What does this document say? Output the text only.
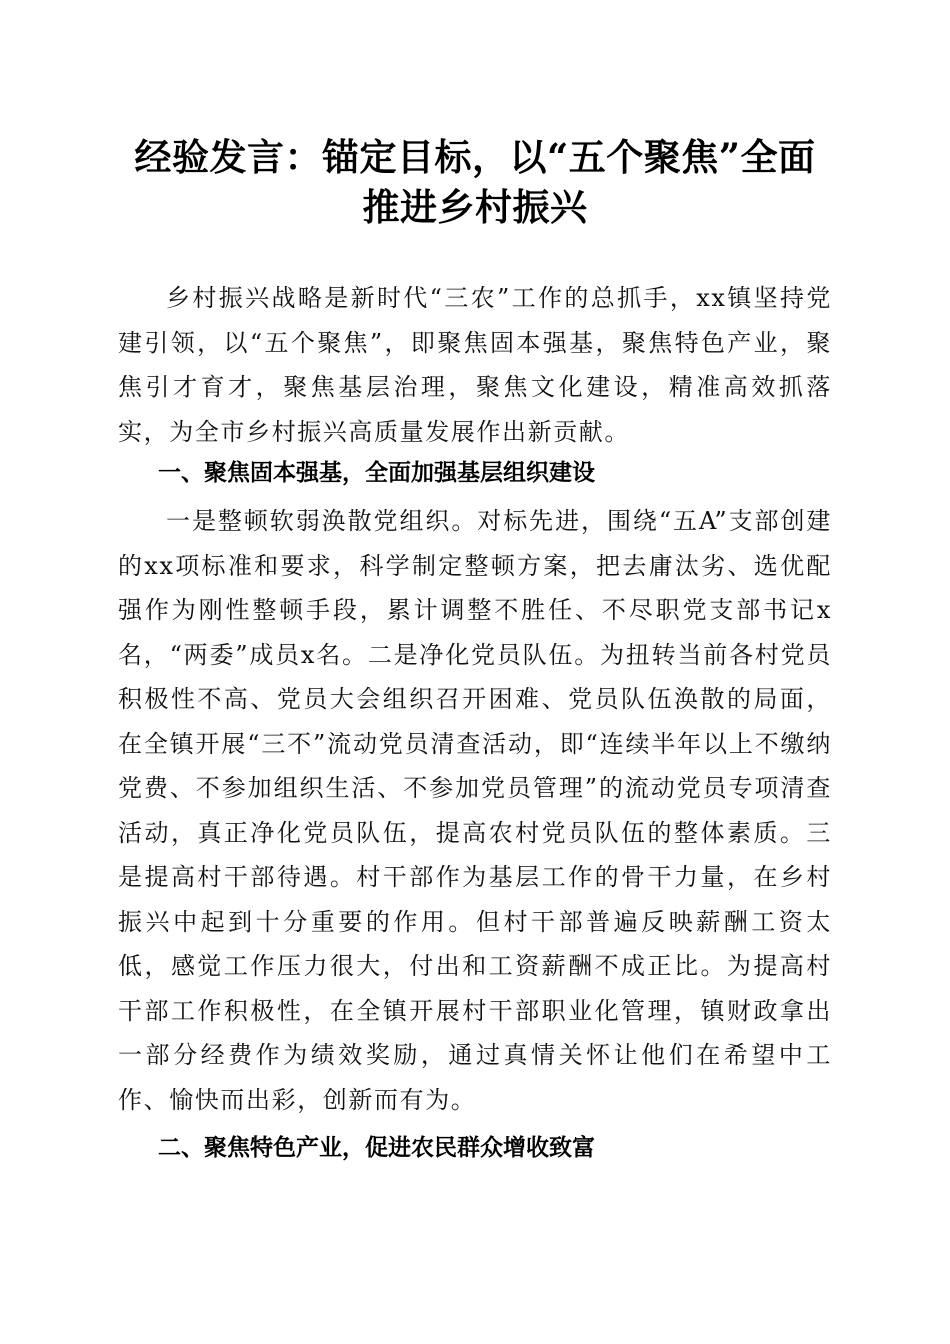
经验发言：锚定目标，以“五个聚焦”全面推进乡村振兴

乡村振兴战略是新时代“三农”工作的总抓手，xx镇坚持党建引领，以“五个聚焦”，即聚焦固本强基，聚焦特色产业，聚焦引才育才，聚焦基层治理，聚焦文化建设，精准高效抓落实，为全市乡村振兴高质量发展作出新贡献。

一、聚焦固本强基，全面加强基层组织建设

一是整顿软弱涣散党组织。对标先进，围绕“五A”支部创建的xx项标准和要求，科学制定整顿方案，把去庸汰劣、选优配强作为刚性整顿手段，累计调整不胜任、不尽职党支部书记x名，“两委”成员x名。二是净化党员队伍。为扭转当前各村党员积极性不高、党员大会组织召开困难、党员队伍涣散的局面，在全镇开展“三不”流动党员清查活动，即“连续半年以上不缴纳党费、不参加组织生活、不参加党员管理”的流动党员专项清查活动，真正净化党员队伍，提高农村党员队伍的整体素质。三是提高村干部待遇。村干部作为基层工作的骨干力量，在乡村振兴中起到十分重要的作用。但村干部普遍反映薪酬工资太低，感觉工作压力很大，付出和工资薪酬不成正比。为提高村干部工作积极性，在全镇开展村干部职业化管理，镇财政拿出一部分经费作为绩效奖励，通过真情关怀让他们在希望中工作、愉快而出彩，创新而有为。

二、聚焦特色产业，促进农民群众增收致富
